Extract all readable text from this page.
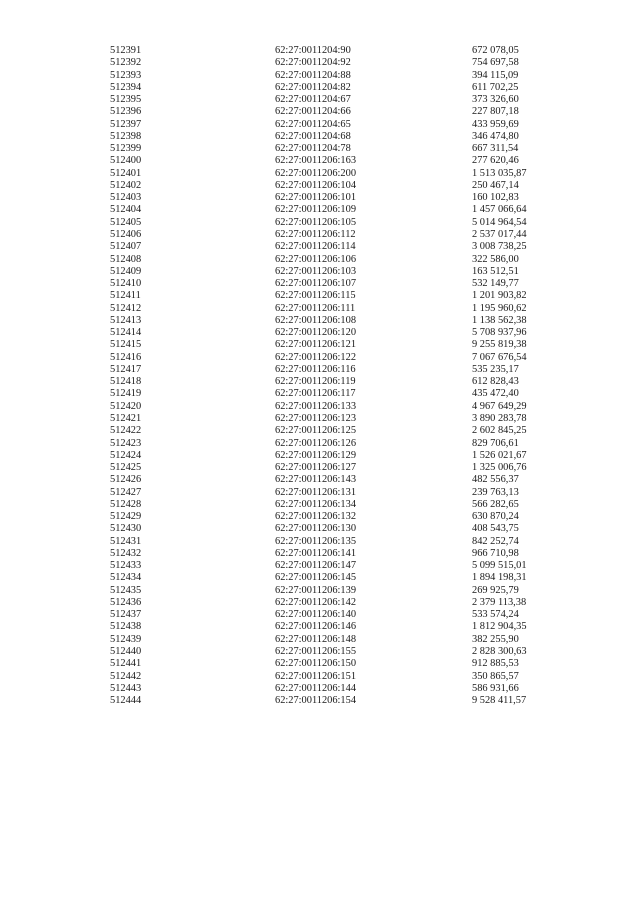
512391	62:27:0011204:90	672 078,05
512392	62:27:0011204:92	754 697,58
512393	62:27:0011204:88	394 115,09
512394	62:27:0011204:82	611 702,25
512395	62:27:0011204:67	373 326,60
512396	62:27:0011204:66	227 807,18
512397	62:27:0011204:65	433 959,69
512398	62:27:0011204:68	346 474,80
512399	62:27:0011204:78	667 311,54
512400	62:27:0011206:163	277 620,46
512401	62:27:0011206:200	1 513 035,87
512402	62:27:0011206:104	250 467,14
512403	62:27:0011206:101	160 102,83
512404	62:27:0011206:109	1 457 066,64
512405	62:27:0011206:105	5 014 964,54
512406	62:27:0011206:112	2 537 017,44
512407	62:27:0011206:114	3 008 738,25
512408	62:27:0011206:106	322 586,00
512409	62:27:0011206:103	163 512,51
512410	62:27:0011206:107	532 149,77
512411	62:27:0011206:115	1 201 903,82
512412	62:27:0011206:111	1 195 960,62
512413	62:27:0011206:108	1 138 562,38
512414	62:27:0011206:120	5 708 937,96
512415	62:27:0011206:121	9 255 819,38
512416	62:27:0011206:122	7 067 676,54
512417	62:27:0011206:116	535 235,17
512418	62:27:0011206:119	612 828,43
512419	62:27:0011206:117	435 472,40
512420	62:27:0011206:133	4 967 649,29
512421	62:27:0011206:123	3 890 283,78
512422	62:27:0011206:125	2 602 845,25
512423	62:27:0011206:126	829 706,61
512424	62:27:0011206:129	1 526 021,67
512425	62:27:0011206:127	1 325 006,76
512426	62:27:0011206:143	482 556,37
512427	62:27:0011206:131	239 763,13
512428	62:27:0011206:134	566 282,65
512429	62:27:0011206:132	630 870,24
512430	62:27:0011206:130	408 543,75
512431	62:27:0011206:135	842 252,74
512432	62:27:0011206:141	966 710,98
512433	62:27:0011206:147	5 099 515,01
512434	62:27:0011206:145	1 894 198,31
512435	62:27:0011206:139	269 925,79
512436	62:27:0011206:142	2 379 113,38
512437	62:27:0011206:140	533 574,24
512438	62:27:0011206:146	1 812 904,35
512439	62:27:0011206:148	382 255,90
512440	62:27:0011206:155	2 828 300,63
512441	62:27:0011206:150	912 885,53
512442	62:27:0011206:151	350 865,57
512443	62:27:0011206:144	586 931,66
512444	62:27:0011206:154	9 528 411,57
